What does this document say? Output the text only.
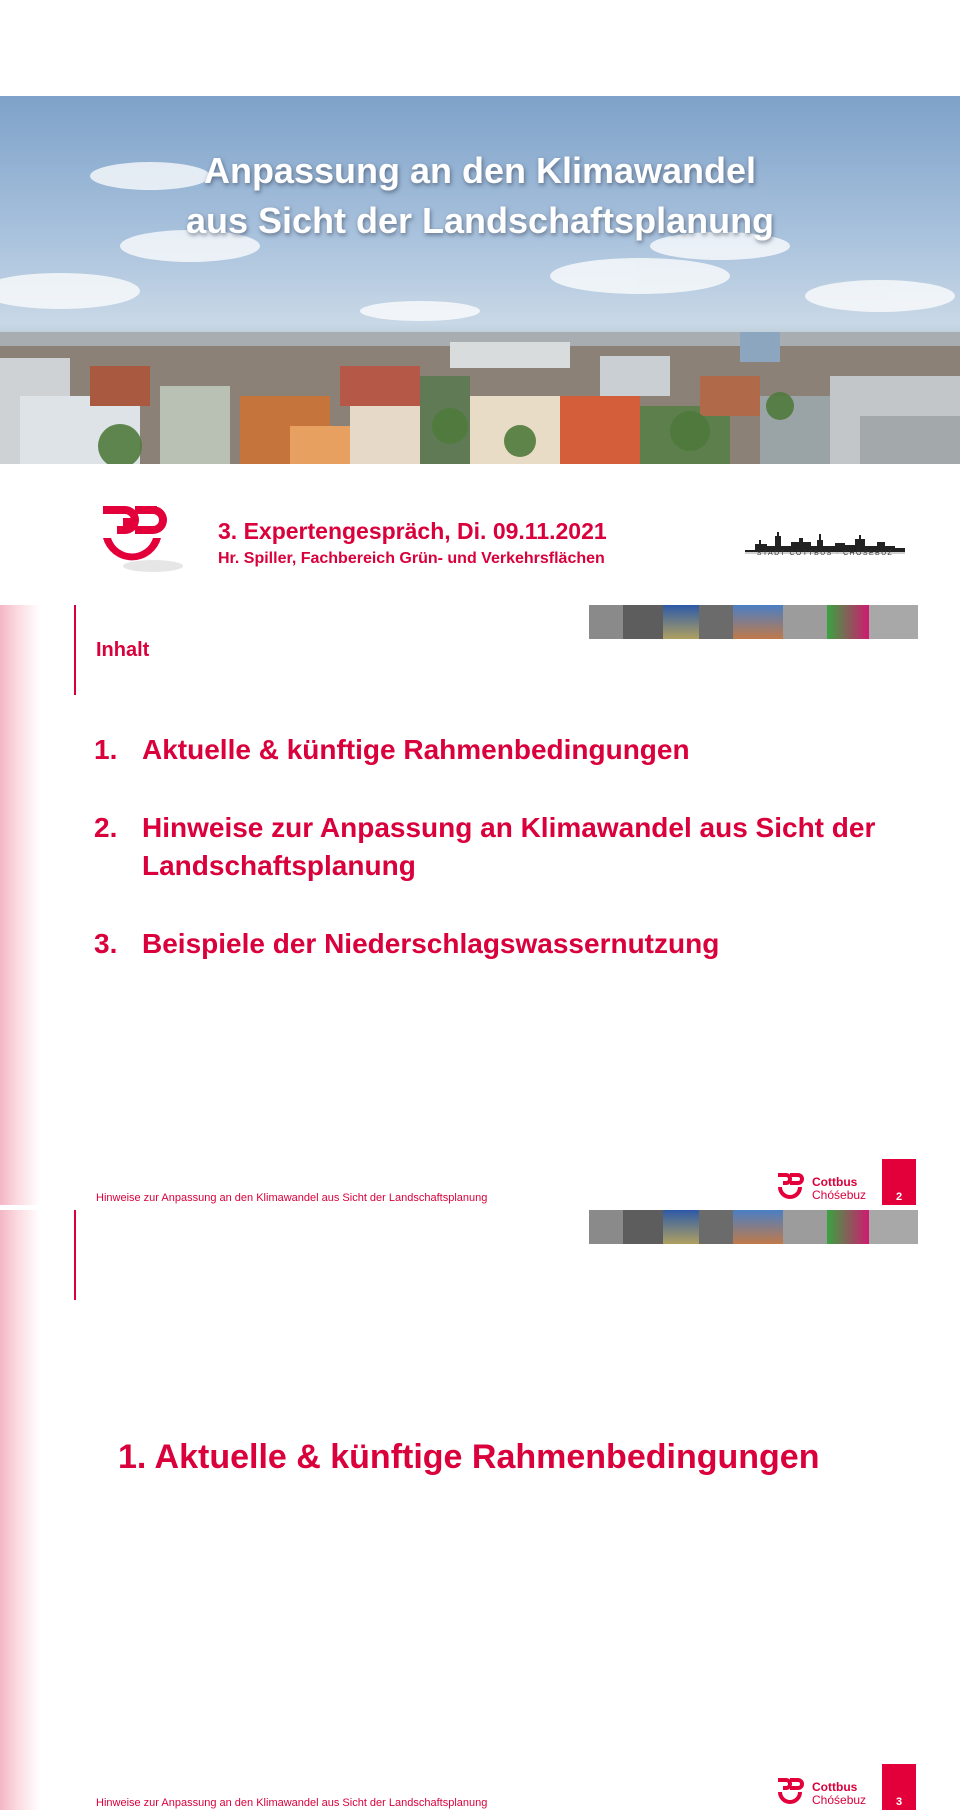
Anpassung an den Klimawandel
aus Sicht der Landschaftsplanung
3. Expertengespräch, Di. 09.11.2021
Hr. Spiller, Fachbereich Grün- und Verkehrsflächen	STADT COTTBUS · CHÓŚEBUZ
Inhalt
1. Aktuelle & künftige Rahmenbedingungen
2. Hinweise zur Anpassung an Klimawandel aus Sicht der Landschaftsplanung
3. Beispiele der Niederschlagswassernutzung
Hinweise zur Anpassung an den Klimawandel aus Sicht der Landschaftsplanung
Cottbus
Chóśebuz	2
1. Aktuelle & künftige Rahmenbedingungen
Hinweise zur Anpassung an den Klimawandel aus Sicht der Landschaftsplanung
Cottbus
Chóśebuz	3
